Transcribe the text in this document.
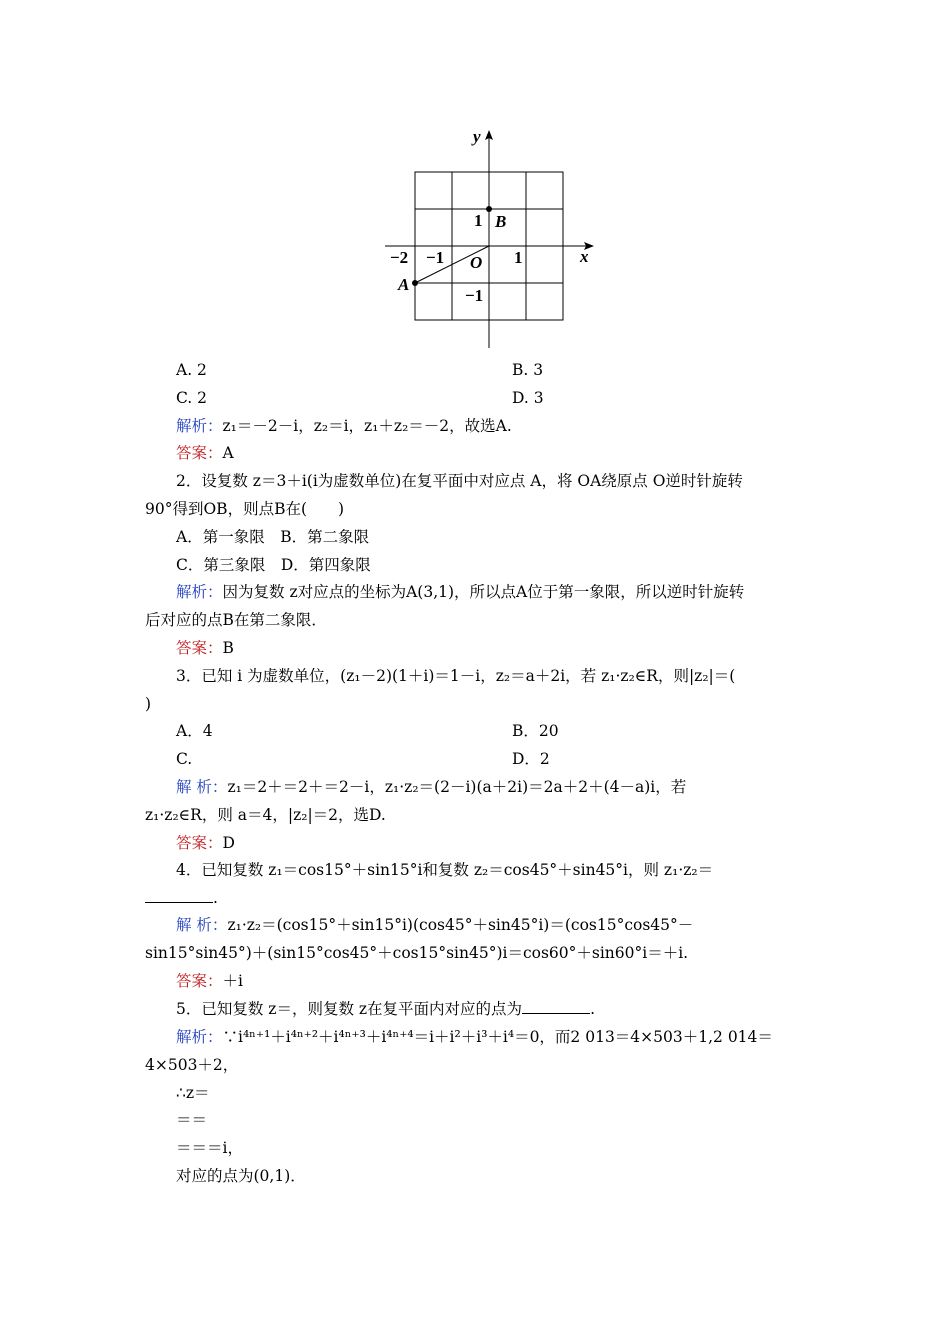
y
x
O
B
A
−2 −1	1
1
−1
A. 2	B. 3
C. 2	D. 3
解析：z₁＝－2－i，z₂＝i，z₁＋z₂＝－2，故选A.
答案：A
2．设复数 z＝3＋i(i为虚数单位)在复平面中对应点 A，将 OA绕原点 O逆时针旋转
90°得到OB，则点B在(　　)
A．第一象限　B．第二象限
C．第三象限　D．第四象限
解析：因为复数 z对应点的坐标为A(3,1)，所以点A位于第一象限，所以逆时针旋转
后对应的点B在第二象限．
答案：B
3．已知 i 为虚数单位，(z₁－2)(1＋i)＝1－i，z₂＝a＋2i，若 z₁·z₂∈R，则|z₂|＝(
)
A．4	B．20
C.	D．2
解 析：z₁＝2＋＝2＋＝2－i，z₁·z₂＝(2－i)(a＋2i)＝2a＋2＋(4－a)i，若
z₁·z₂∈R，则 a＝4，|z₂|＝2，选D.
答案：D
4．已知复数 z₁＝cos15°＋sin15°i和复数 z₂＝cos45°＋sin45°i，则 z₁·z₂＝
.
解 析：z₁·z₂＝(cos15°＋sin15°i)(cos45°＋sin45°i)＝(cos15°cos45°－
sin15°sin45°)＋(sin15°cos45°＋cos15°sin45°)i＝cos60°＋sin60°i＝＋i.
答案：＋i
5．已知复数 z＝，则复数 z在复平面内对应的点为	.
解析：∵i⁴ⁿ⁺¹＋i⁴ⁿ⁺²＋i⁴ⁿ⁺³＋i⁴ⁿ⁺⁴＝i＋i²＋i³＋i⁴＝0，而2 013＝4×503＋1,2 014＝
4×503＋2，
∴z＝
＝＝
＝＝＝i，
对应的点为(0,1)．
